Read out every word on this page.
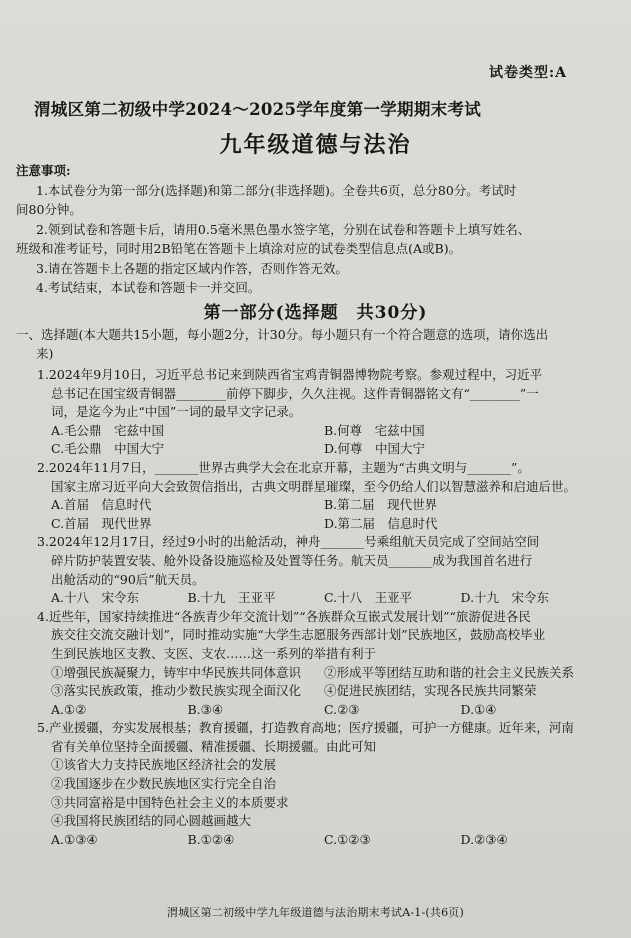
试卷类型:A
渭城区第二初级中学2024～2025学年度第一学期期末考试
九年级道德与法治
注意事项:
1.本试卷分为第一部分(选择题)和第二部分(非选择题)。全卷共6页，总分80分。考试时
间80分钟。
2.领到试卷和答题卡后，请用0.5毫米黑色墨水签字笔，分别在试卷和答题卡上填写姓名、
班级和准考证号，同时用2B铅笔在答题卡上填涂对应的试卷类型信息点(A或B)。
3.请在答题卡上各题的指定区域内作答，否则作答无效。
4.考试结束，本试卷和答题卡一并交回。
第一部分(选择题　共30分)
一、选择题(本大题共15小题，每小题2分，计30分。每小题只有一个符合题意的选项，请你选出
来)
1.2024年9月10日，习近平总书记来到陕西省宝鸡青铜器博物院考察。参观过程中，习近平
总书记在国宝级青铜器________前停下脚步，久久注视。这件青铜器铭文有“________”一
词，是迄今为止“中国”一词的最早文字记录。
A.毛公鼎　宅兹中国	B.何尊　宅兹中国
C.毛公鼎　中国大宁	D.何尊　中国大宁
2.2024年11月7日，_______世界古典学大会在北京开幕，主题为“古典文明与_______”。
国家主席习近平向大会致贺信指出，古典文明群星璀璨，至今仍给人们以智慧滋养和启迪后世。
A.首届　信息时代	B.第二届　现代世界
C.首届　现代世界	D.第二届　信息时代
3.2024年12月17日，经过9小时的出舱活动，神舟_______号乘组航天员完成了空间站空间
碎片防护装置安装、舱外设备设施巡检及处置等任务。航天员_______成为我国首名进行
出舱活动的“90后”航天员。
A.十八　宋令东	B.十九　王亚平	C.十八　王亚平	D.十九　宋令东
4.近些年，国家持续推进“各族青少年交流计划”“各族群众互嵌式发展计划”“旅游促进各民
族交往交流交融计划”，同时推动实施“大学生志愿服务西部计划”民族地区，鼓励高校毕业
生到民族地区支教、支医、支农……这一系列的举措有利于
①增强民族凝聚力，铸牢中华民族共同体意识	②形成平等团结互助和谐的社会主义民族关系
③落实民族政策，推动少数民族实现全面汉化	④促进民族团结，实现各民族共同繁荣
A.①②	B.③④	C.②③	D.①④
5.产业援疆，夯实发展根基；教育援疆，打造教育高地；医疗援疆，可护一方健康。近年来，河南
省有关单位坚持全面援疆、精准援疆、长期援疆。由此可知
①该省大力支持民族地区经济社会的发展
②我国逐步在少数民族地区实行完全自治
③共同富裕是中国特色社会主义的本质要求
④我国将民族团结的同心圆越画越大
A.①③④	B.①②④	C.①②③	D.②③④
渭城区第二初级中学九年级道德与法治期末考试A-1-(共6页)
